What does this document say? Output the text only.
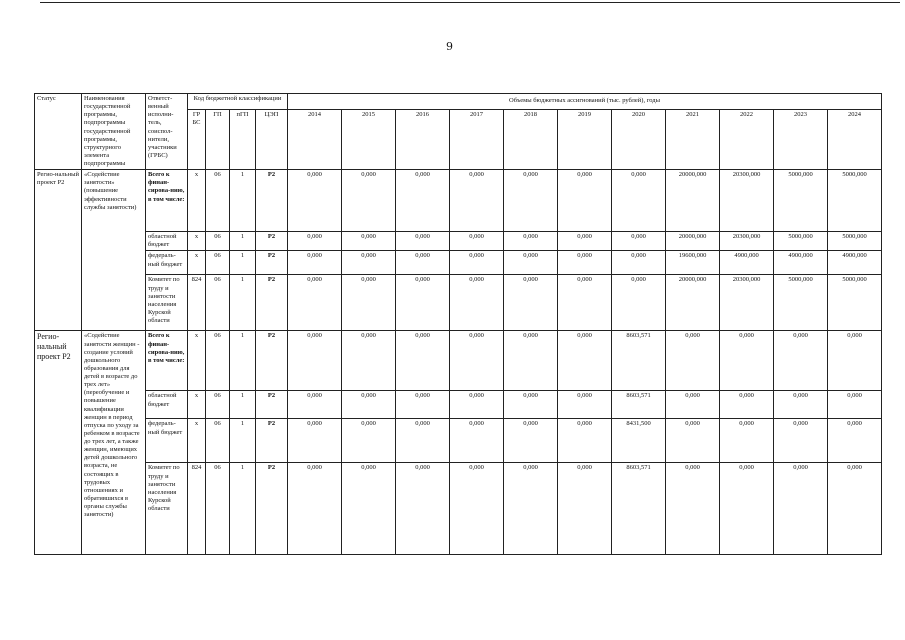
9
Статус	Наименования государственной программы, подпрограммы государственной программы, структурного элемента подпрограммы	Ответст-венный исполни-тель, соиспол-нители, участники (ГРБС)	Код бюджетной классификации				Объемы бюджетных ассигнований (тыс. рублей), годы										
			ГР БС	ГП	пГП	ЦЭП	2014	2015	2016	2017	2018	2019	2020	2021	2022	2023	2024
Регио-нальный проект Р2	«Содействие занятости» (повышение эффективности службы занятости)	Всего к финан-сирова-нию, в том числе:	х	06	1	Р2	0,000	0,000	0,000	0,000	0,000	0,000	0,000	20000,000	20300,000	5000,000	5000,000
		областной бюджет	х	06	1	Р2	0,000	0,000	0,000	0,000	0,000	0,000	0,000	20000,000	20300,000	5000,000	5000,000
		федераль-ный бюджет	х	06	1	Р2	0,000	0,000	0,000	0,000	0,000	0,000	0,000	19600,000	4900,000	4900,000	4900,000
		Комитет по труду и занятости населения Курской области	824	06	1	Р2	0,000	0,000	0,000	0,000	0,000	0,000	0,000	20000,000	20300,000	5000,000	5000,000
Регио-нальный проект Р2	«Содействие занятости женщин - создание условий дошкольного образования для детей в возрасте до трех лет» (переобучение и повышение квалификации женщин в период отпуска по уходу за ребенком в возрасте до трех лет, а также женщин, имеющих детей дошкольного возраста, не состоящих в трудовых отношениях и обратившихся в органы службы занятости)	Всего к финан-сирова-нию, в том числе:	х	06	1	Р2	0,000	0,000	0,000	0,000	0,000	0,000	8603,571	0,000	0,000	0,000	0,000
		областной бюджет	х	06	1	Р2	0,000	0,000	0,000	0,000	0,000	0,000	8603,571	0,000	0,000	0,000	0,000
		федераль-ный бюджет	х	06	1	Р2	0,000	0,000	0,000	0,000	0,000	0,000	8431,500	0,000	0,000	0,000	0,000
		Комитет по труду и занятости населения Курской области	824	06	1	Р2	0,000	0,000	0,000	0,000	0,000	0,000	8603,571	0,000	0,000	0,000	0,000
